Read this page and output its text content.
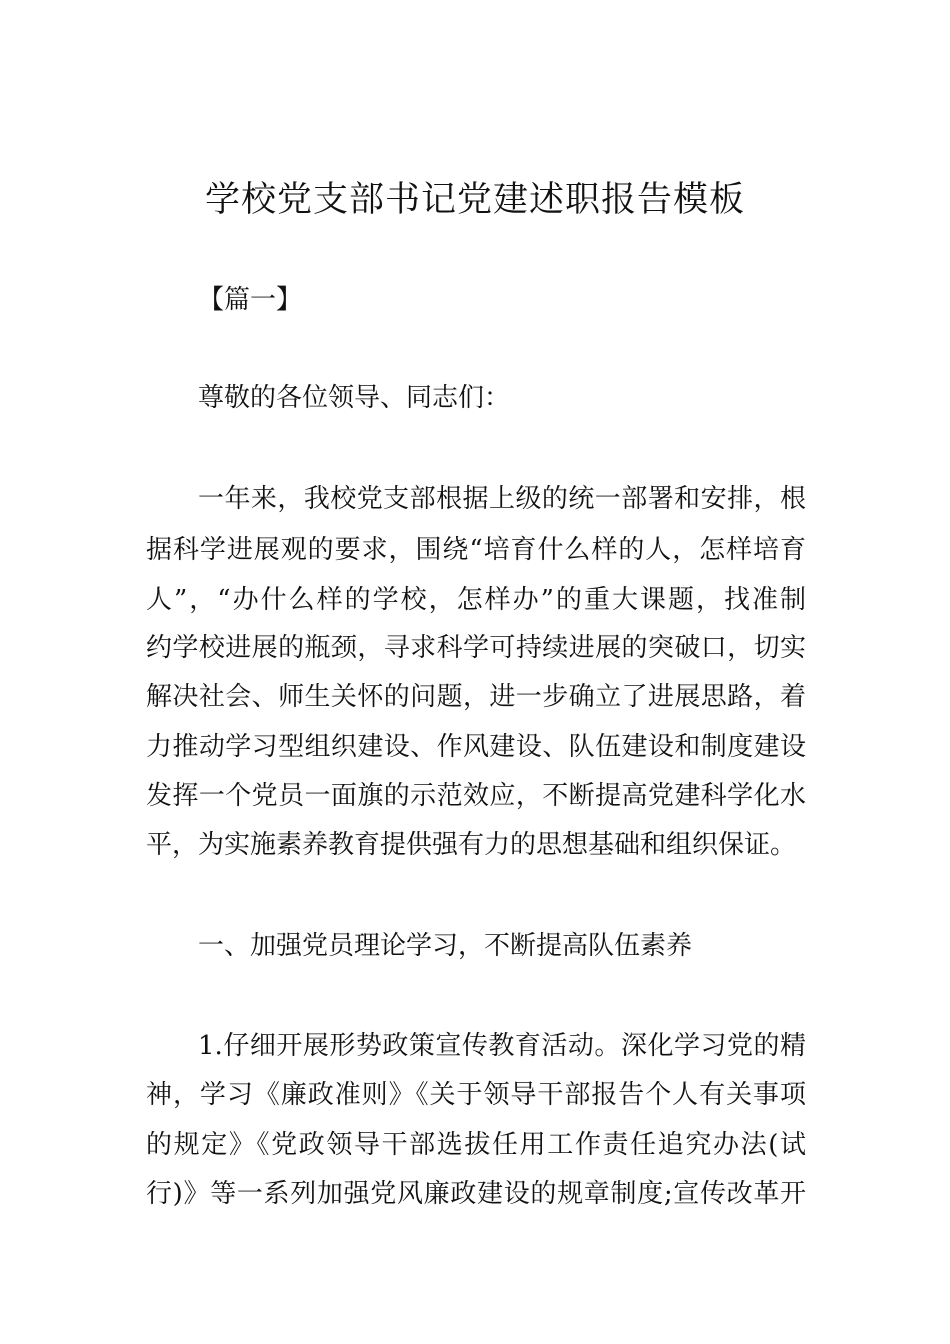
学校党支部书记党建述职报告模板
【篇一】
尊敬的各位领导、同志们：
一年来，我校党支部根据上级的统一部署和安排，根
据科学进展观的要求，围绕“培育什么样的人，怎样培育
人”，“办什么样的学校，怎样办”的重大课题，找准制
约学校进展的瓶颈，寻求科学可持续进展的突破口，切实
解决社会、师生关怀的问题，进一步确立了进展思路，着
力推动学习型组织建设、作风建设、队伍建设和制度建设
发挥一个党员一面旗的示范效应，不断提高党建科学化水
平，为实施素养教育提供强有力的思想基础和组织保证。
一、加强党员理论学习，不断提高队伍素养
1.仔细开展形势政策宣传教育活动。深化学习党的精
神，学习《廉政准则》《关于领导干部报告个人有关事项
的规定》《党政领导干部选拔任用工作责任追究办法(试
行)》等一系列加强党风廉政建设的规章制度;宣传改革开
